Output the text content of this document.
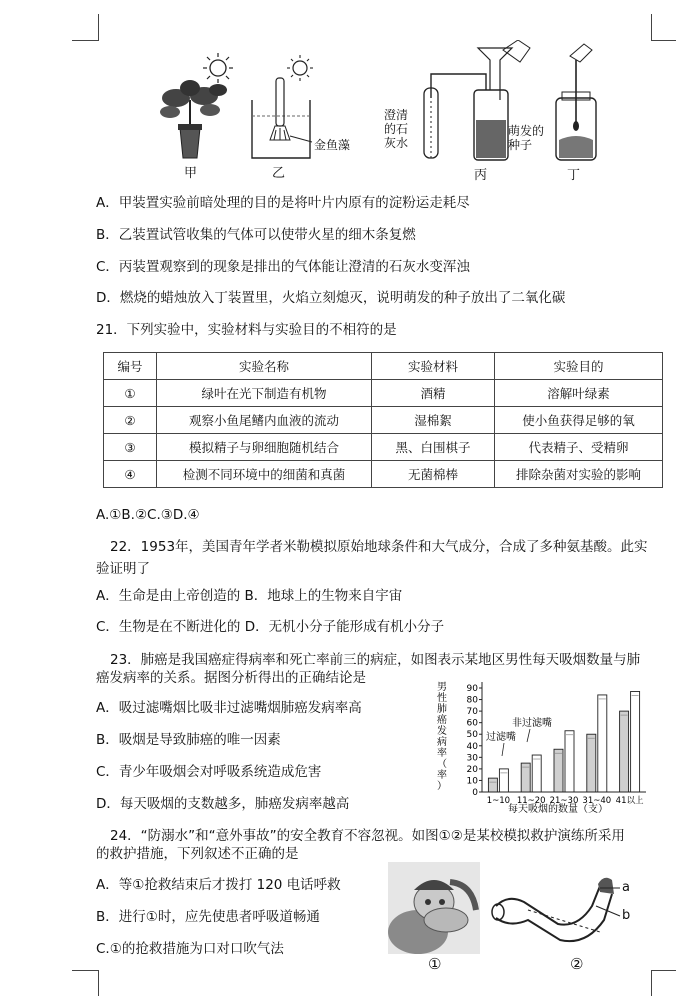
甲	乙	丙	丁
金鱼藻
澄清
的石
灰水
萌发的
种子
A．甲装置实验前暗处理的目的是将叶片内原有的淀粉运走耗尽
B．乙装置试管收集的气体可以使带火星的细木条复燃
C．丙装置观察到的现象是排出的气体能让澄清的石灰水变浑浊
D．燃烧的蜡烛放入丁装置里，火焰立刻熄灭，说明萌发的种子放出了二氧化碳
21．下列实验中，实验材料与实验目的不相符的是
编号	实验名称	实验材料	实验目的
①	绿叶在光下制造有机物	酒精	溶解叶绿素
②	观察小鱼尾鳍内血液的流动	湿棉絮	使小鱼获得足够的氧
③	模拟精子与卵细胞随机结合	黑、白围棋子	代表精子、受精卵
④	检测不同环境中的细菌和真菌	无菌棉棒	排除杂菌对实验的影响
A.①B.②C.③D.④
22．1953年，美国青年学者米勒模拟原始地球条件和大气成分，合成了多种氨基酸。此实
验证明了
A．生命是由上帝创造的 B．地球上的生物来自宇宙
C．生物是在不断进化的 D．无机小分子能形成有机小分子
23．肺癌是我国癌症得病率和死亡率前三的病症，如图表示某地区男性每天吸烟数量与肺
癌发病率的关系。据图分析得出的正确结论是
A．吸过滤嘴烟比吸非过滤嘴烟肺癌发病率高
B．吸烟是导致肺癌的唯一因素
C．青少年吸烟会对呼吸系统造成危害
D．每天吸烟的支数越多，肺癌发病率越高
男
性
肺
癌
发
病
率
（
率
）
0
10
20
30
40
50
60
70
80
90
1~10 11~20 21~30 31~40 41以上
非过滤嘴
过滤嘴
每天吸烟的数量（支）
24．“防溺水”和“意外事故”的安全教育不容忽视。如图①②是某校模拟救护演练所采用
的救护措施，下列叙述不正确的是
A．等①抢救结束后才拨打 120 电话呼救
B．进行①时，应先使患者呼吸道畅通
C.①的抢救措施为口对口吹气法
①
a
b
②
